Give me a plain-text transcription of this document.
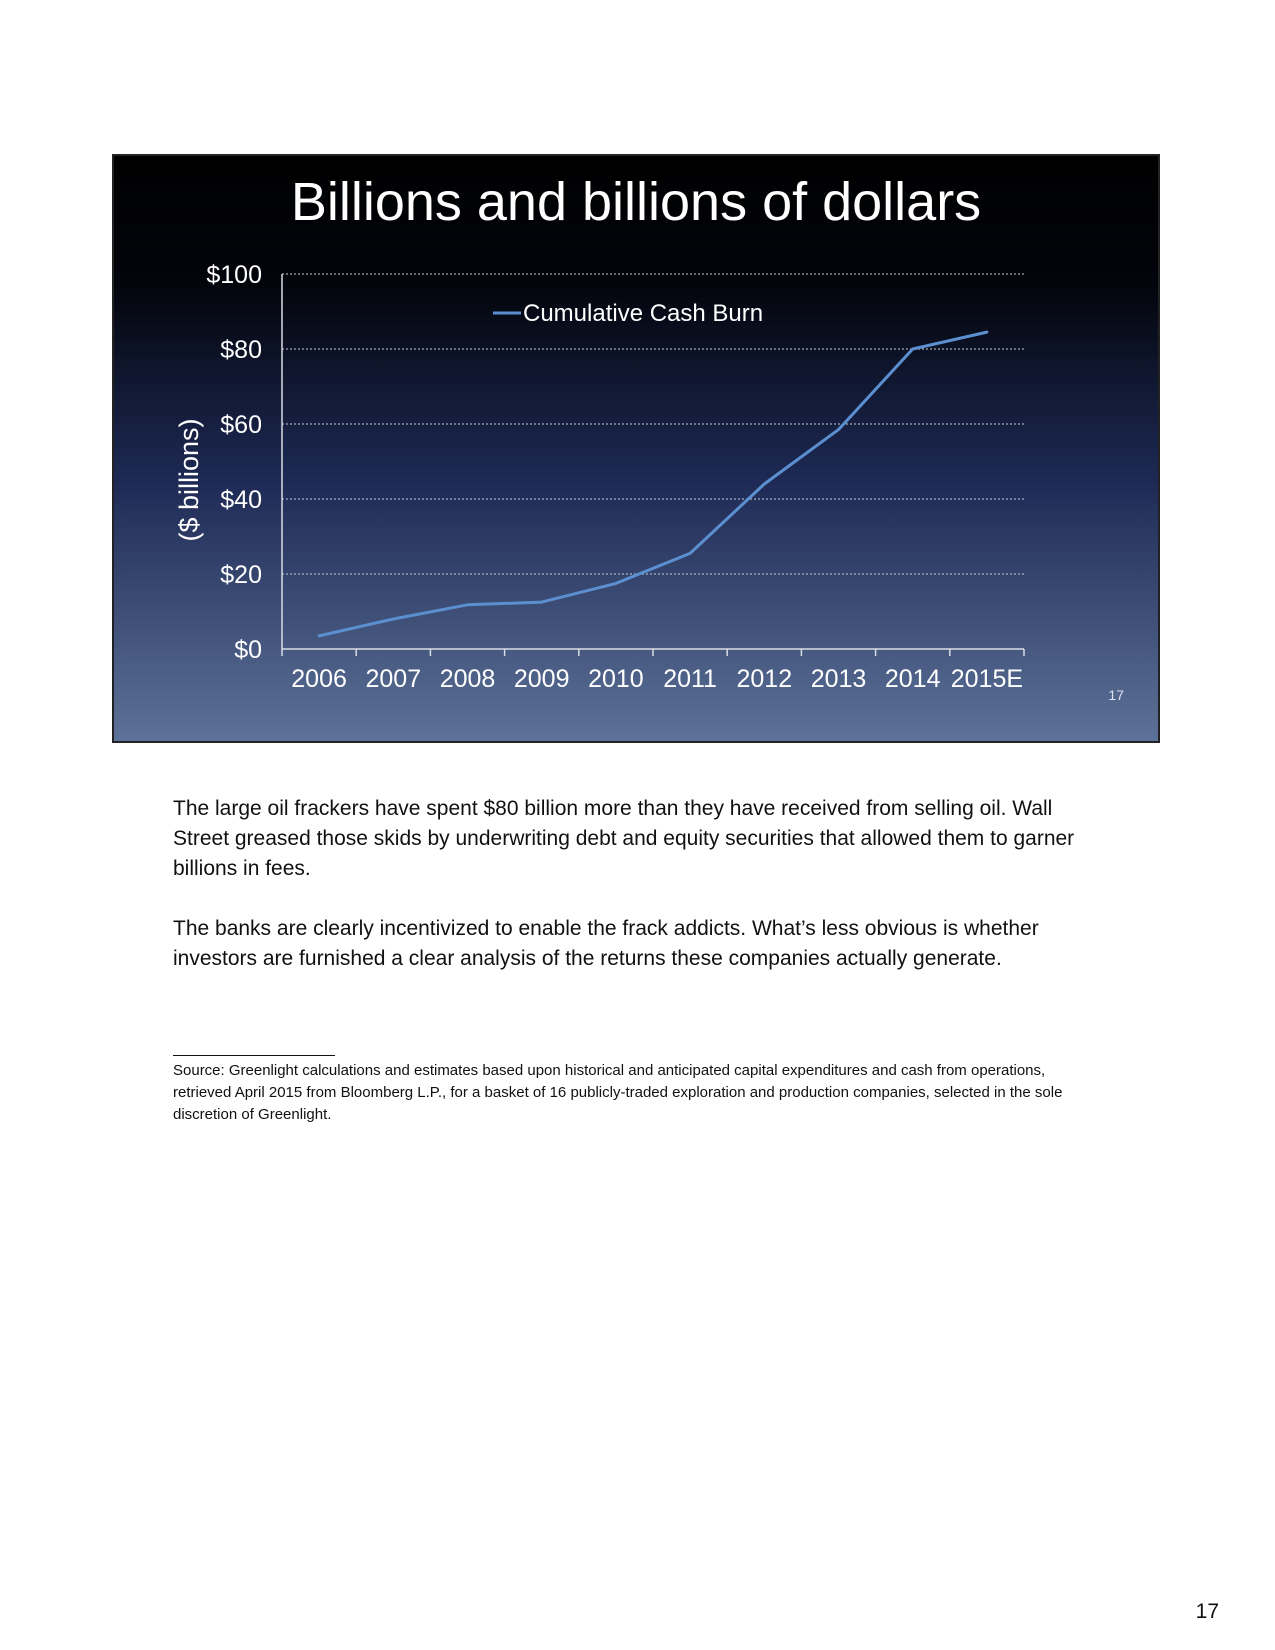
Billions and billions of dollars
($ billions)
$0
$20
$40
$60
$80
$100
2006 2007 2008 2009 2010 2011 2012 2013 2014 2015E
Cumulative Cash Burn
17
The large oil frackers have spent $80 billion more than they have received from selling oil. Wall Street greased those skids by underwriting debt and equity securities that allowed them to garner billions in fees.
The banks are clearly incentivized to enable the frack addicts. What’s less obvious is whether investors are furnished a clear analysis of the returns these companies actually generate.
Source: Greenlight calculations and estimates based upon historical and anticipated capital expenditures and cash from operations, retrieved April 2015 from Bloomberg L.P., for a basket of 16 publicly-traded exploration and production companies, selected in the sole discretion of Greenlight.
17
